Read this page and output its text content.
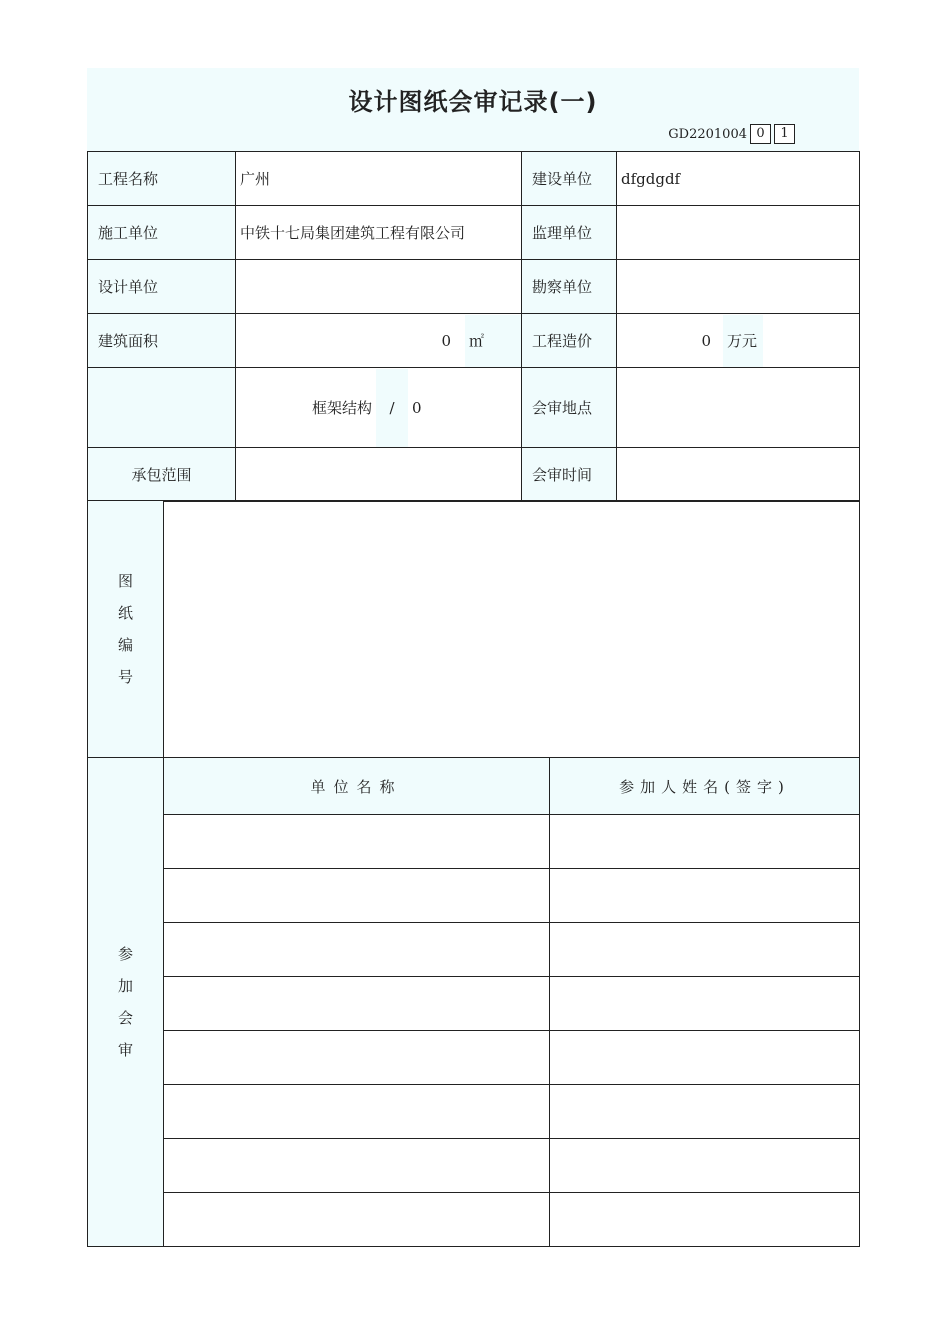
设计图纸会审记录(一)
GD2201004 0	1
工程名称	广州	建设单位	dfgdgdf
施工单位	中铁十七局集团建筑工程有限公司	监理单位	
设计单位		勘察单位	
建筑面积	0 ㎡	工程造价	0 万元

	框架结构 / 0	会审地点	
承包范围		会审时间	
图
纸
编
号		

参
加
会
审	单位名称	参加人姓名(签字)
